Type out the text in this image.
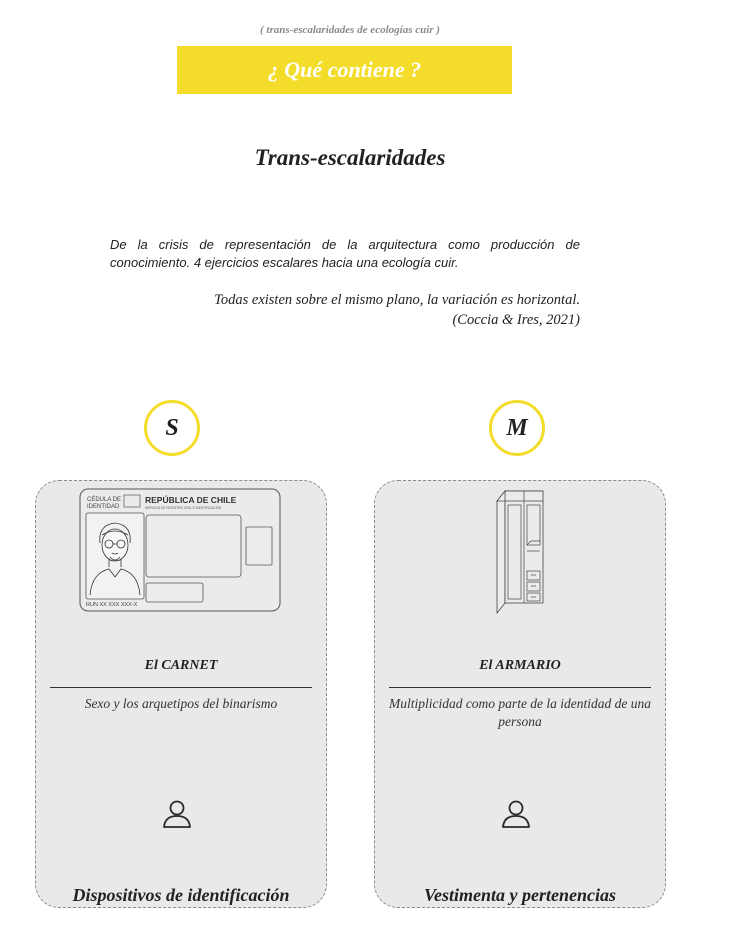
( trans-escalaridades de ecologías cuir )
¿ Qué contiene ?
Trans-escalaridades
De la crisis de representación de la arquitectura como producción de conocimiento. 4 ejercicios escalares hacia una ecología cuir.
Todas existen sobre el mismo plano, la variación es horizontal.
(Coccia & Ires, 2021)
S	M
CÉDULA DE
IDENTIDAD
REPÚBLICA DE CHILE
SERVICIO DE REGISTRO CIVIL E IDENTIFICACIÓN
RUN XX XXX XXX-X
El CARNET
Sexo y los arquetipos del binarismo
Dispositivos de identificación
El ARMARIO
Multiplicidad como parte de la identidad de una persona
Vestimenta y pertenencias
